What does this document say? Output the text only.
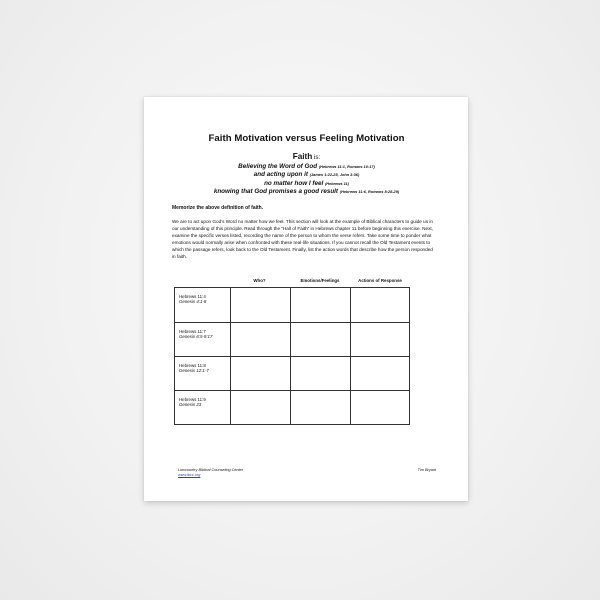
Faith Motivation versus Feeling Motivation
Faith is:
Believing the Word of God (Hebrews 11:1, Romans 10:17)
and acting upon it (James 1:22-25, John 3:36)
no matter how I feel (Hebrews 11)
knowing that God promises a good result (Hebrews 11:6, Romans 8:28-29)
Memorize the above definition of faith.
We are to act upon God’s Word no matter how we feel. This section will look at the example of Biblical characters to guide us in our understanding of this principle. Read through the “Hall of Faith” in Hebrews chapter 11 before beginning this exercise. Next, examine the specific verses listed, recording the name of the person to whom the verse refers. Take some time to ponder what emotions would normally arise when confronted with these real-life situations. If you cannot recall the Old Testament events to which the passage refers, look back to the Old Testament. Finally, list the action words that describe how the person responded in faith.
Who?	Emotions/Feelings	Actions of Response
Hebrews 11:4
Genesis 4:1-8
Hebrews 11:7
Genesis 6:5-9:17
Hebrews 11:8
Genesis 12:1-7
Hebrews 11:9
Genesis 23
Lowcountry Biblical Counseling Center
www.lbcc.org
Tim Bryant
